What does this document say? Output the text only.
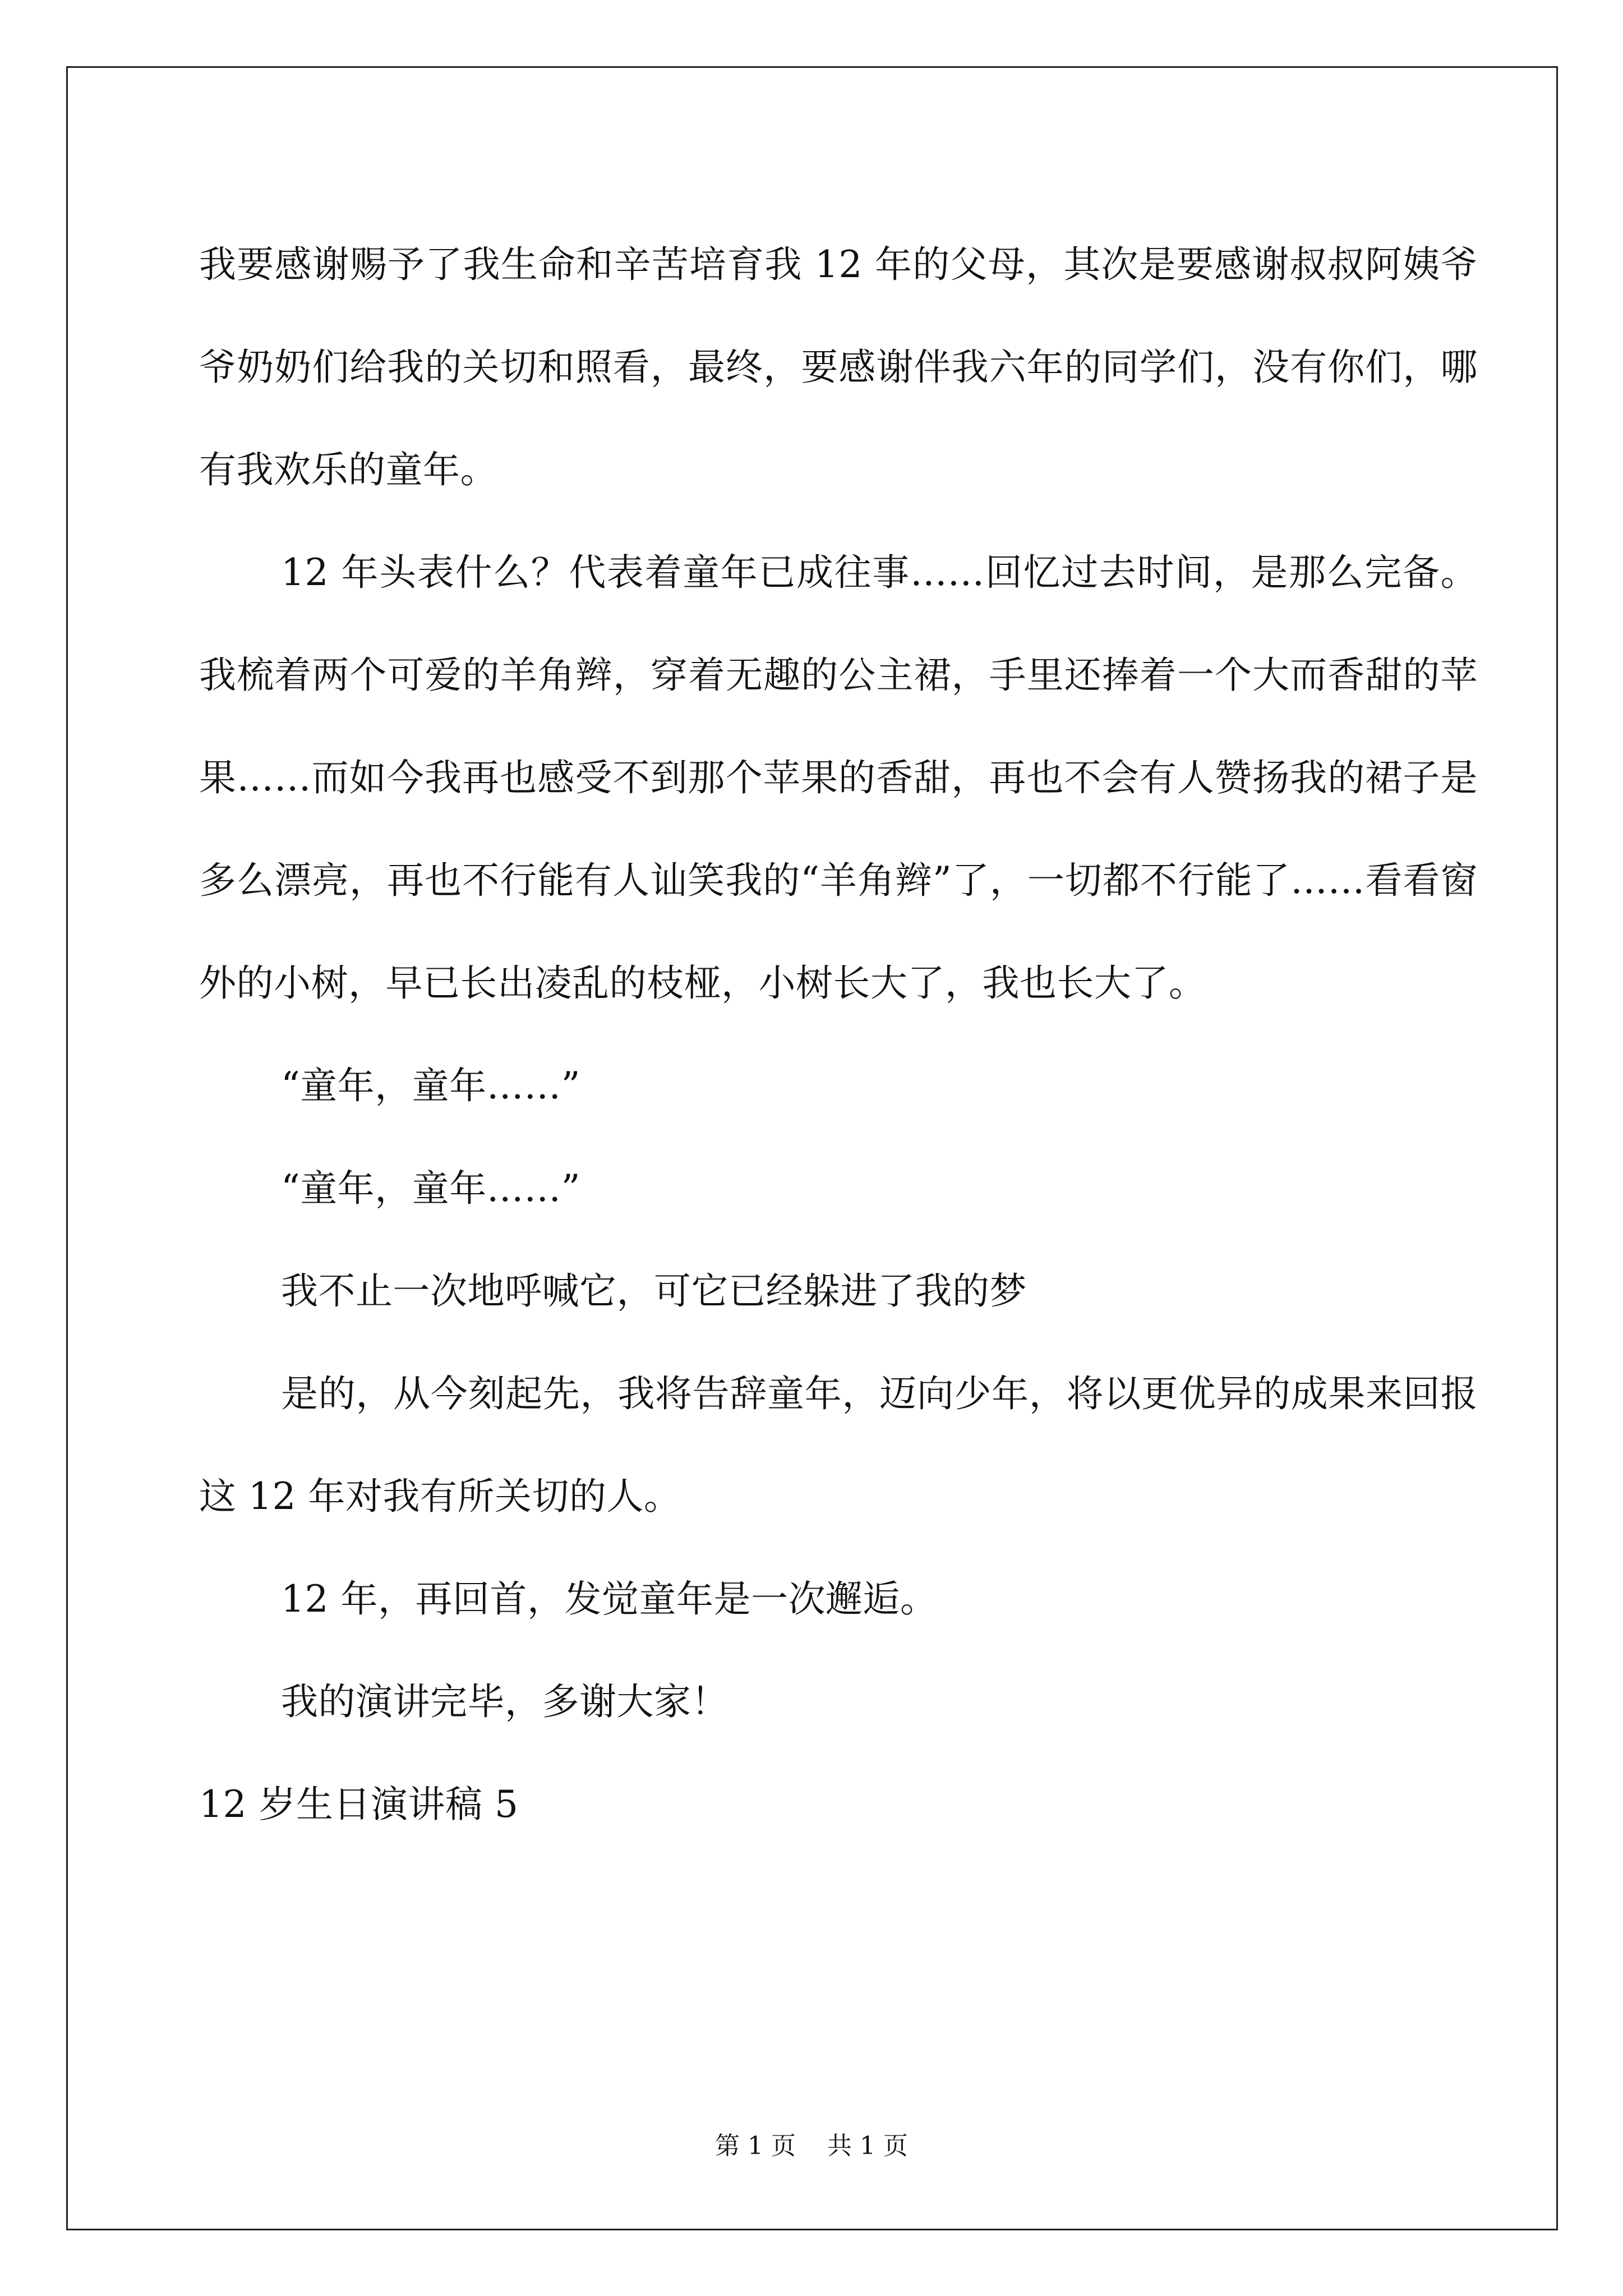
我要感谢赐予了我生命和辛苦培育我 12 年的父母，其次是要感谢叔叔阿姨爷爷奶奶们给我的关切和照看，最终，要感谢伴我六年的同学们，没有你们，哪有我欢乐的童年。

12 年头表什么？代表着童年已成往事……回忆过去时间，是那么完备。我梳着两个可爱的羊角辫，穿着无趣的公主裙，手里还捧着一个大而香甜的苹果……而如今我再也感受不到那个苹果的香甜，再也不会有人赞扬我的裙子是多么漂亮，再也不行能有人讪笑我的“羊角辫”了，一切都不行能了……看看窗外的小树，早已长出凌乱的枝桠，小树长大了，我也长大了。

“童年，童年……”

“童年，童年……”

我不止一次地呼喊它，可它已经躲进了我的梦

是的，从今刻起先，我将告辞童年，迈向少年，将以更优异的成果来回报这 12 年对我有所关切的人。

12 年，再回首，发觉童年是一次邂逅。

我的演讲完毕，多谢大家！

12 岁生日演讲稿 5

第 1 页 共 1 页
